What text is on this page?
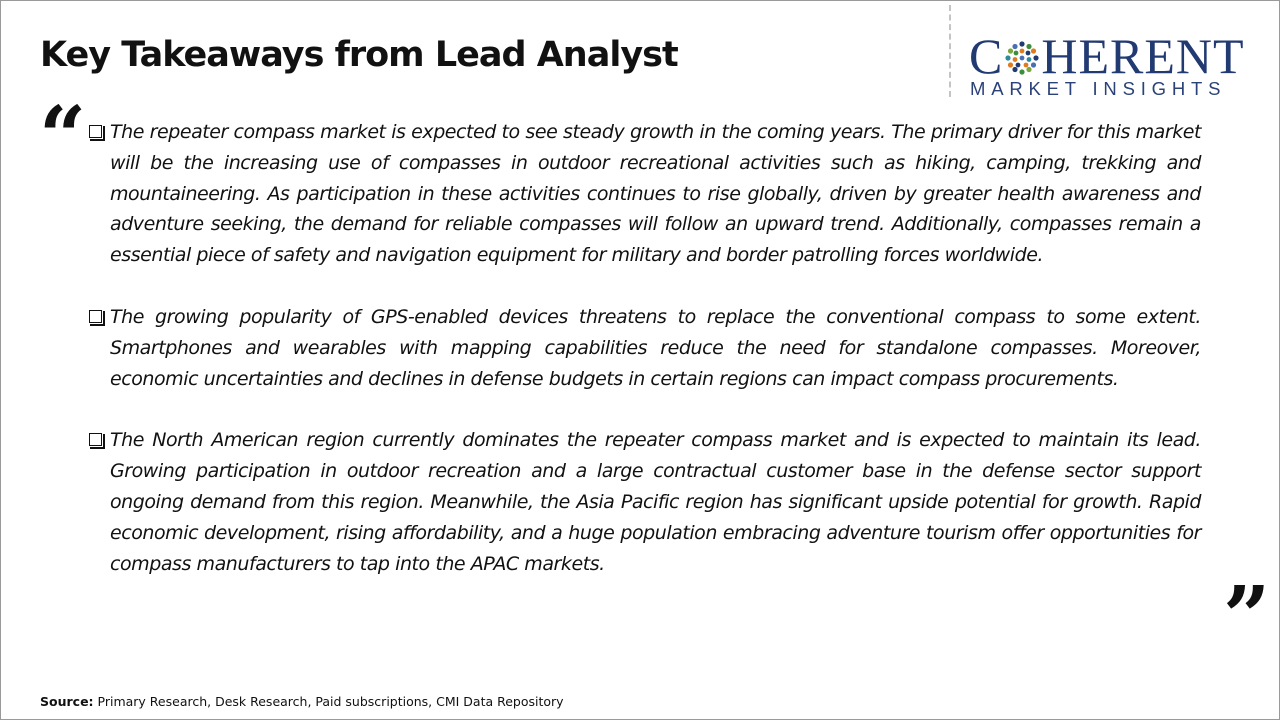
Key Takeaways from Lead Analyst	C HERENT
MARKET INSIGHTS
“ The repeater compass market is expected to see steady growth in the coming years. The primary driver for this market will be the increasing use of compasses in outdoor recreational activities such as hiking, camping, trekking and mountaineering. As participation in these activities continues to rise globally, driven by greater health awareness and adventure seeking, the demand for reliable compasses will follow an upward trend. Additionally, compasses remain a essential piece of safety and navigation equipment for military and border patrolling forces worldwide.

The growing popularity of GPS-enabled devices threatens to replace the conventional compass to some extent. Smartphones and wearables with mapping capabilities reduce the need for standalone compasses. Moreover, economic uncertainties and declines in defense budgets in certain regions can impact compass procurements.

The North American region currently dominates the repeater compass market and is expected to maintain its lead. Growing participation in outdoor recreation and a large contractual customer base in the defense sector support ongoing demand from this region. Meanwhile, the Asia Pacific region has significant upside potential for growth. Rapid economic development, rising affordability, and a huge population embracing adventure tourism offer opportunities for compass manufacturers to tap into the APAC markets.

”
Source: Primary Research, Desk Research, Paid subscriptions, CMI Data Repository
